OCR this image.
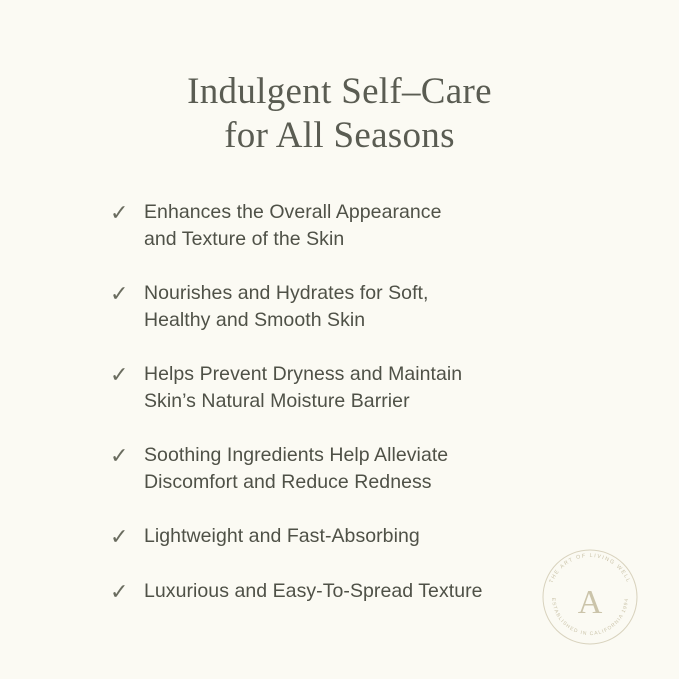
Indulgent Self–Care
for All Seasons
✓ Enhances the Overall Appearance
and Texture of the Skin
✓ Nourishes and Hydrates for Soft,
Healthy and Smooth Skin
✓ Helps Prevent Dryness and Maintain
Skin’s Natural Moisture Barrier
✓ Soothing Ingredients Help Alleviate
Discomfort and Reduce Redness
✓ Lightweight and Fast-Absorbing
✓ Luxurious and Easy-To-Spread Texture	A
THE ART OF LIVING WELL
ESTABLISHED IN CALIFORNIA 1994
